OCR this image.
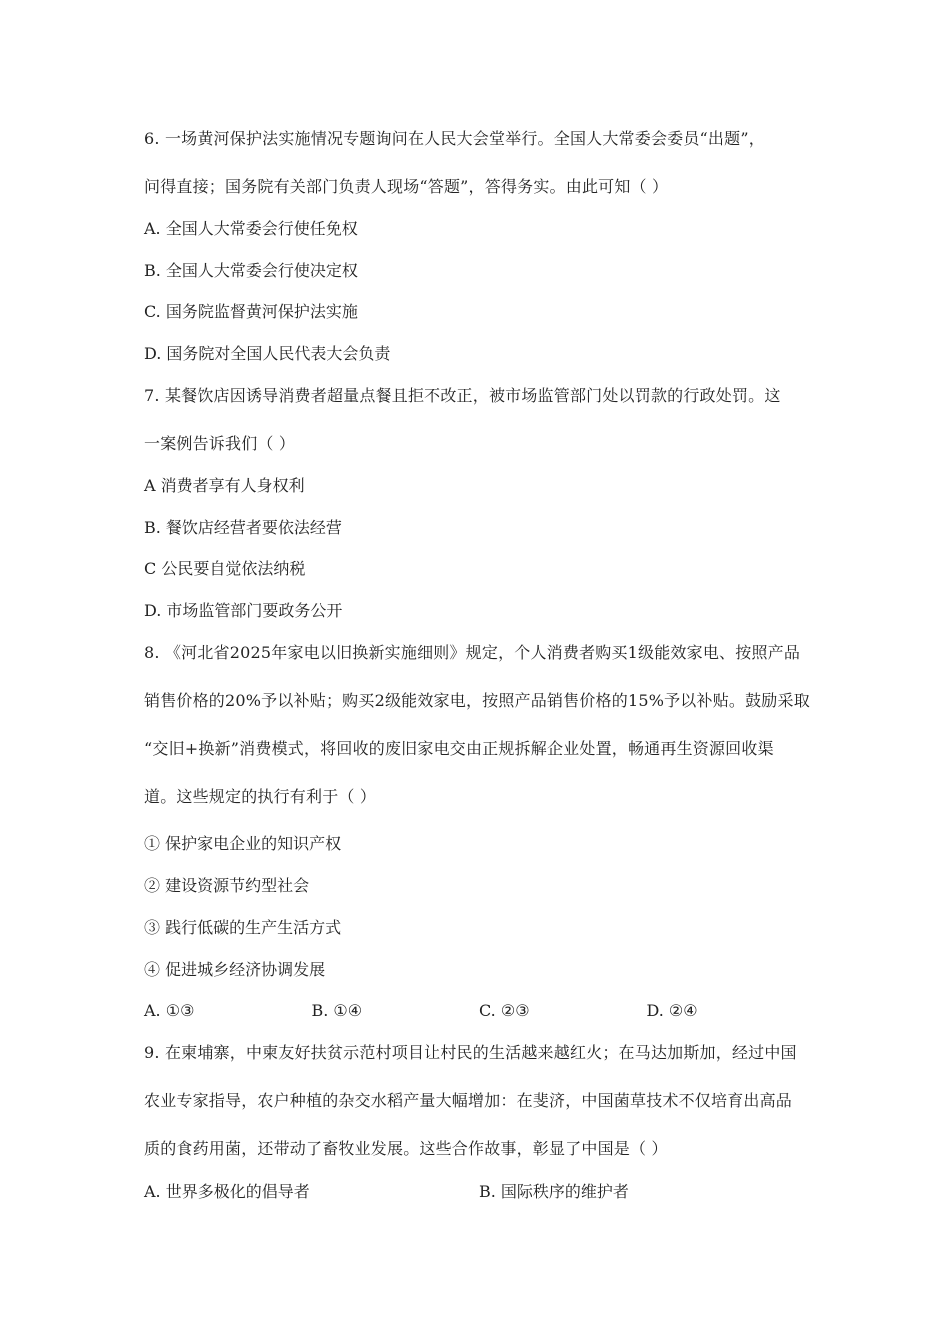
6. 一场黄河保护法实施情况专题询问在人民大会堂举行。全国人大常委会委员“出题”，
问得直接；国务院有关部门负责人现场“答题”，答得务实。由此可知（ ）
A. 全国人大常委会行使任免权
B. 全国人大常委会行使决定权
C. 国务院监督黄河保护法实施
D. 国务院对全国人民代表大会负责
7. 某餐饮店因诱导消费者超量点餐且拒不改正，被市场监管部门处以罚款的行政处罚。这
一案例告诉我们（ ）
A 消费者享有人身权利
B. 餐饮店经营者要依法经营
C 公民要自觉依法纳税
D. 市场监管部门要政务公开
8. 《河北省2025年家电以旧换新实施细则》规定，个人消费者购买1级能效家电、按照产品
销售价格的20%予以补贴；购买2级能效家电，按照产品销售价格的15%予以补贴。鼓励采取
“交旧+换新”消费模式，将回收的废旧家电交由正规拆解企业处置，畅通再生资源回收渠
道。这些规定的执行有利于（ ）
① 保护家电企业的知识产权
② 建设资源节约型社会
③ 践行低碳的生产生活方式
④ 促进城乡经济协调发展
A. ①③	B. ①④	C. ②③	D. ②④
9. 在柬埔寨，中柬友好扶贫示范村项目让村民的生活越来越红火；在马达加斯加，经过中国
农业专家指导，农户种植的杂交水稻产量大幅增加：在斐济，中国菌草技术不仅培育出高品
质的食药用菌，还带动了畜牧业发展。这些合作故事，彰显了中国是（ ）
A. 世界多极化的倡导者	B. 国际秩序的维护者
